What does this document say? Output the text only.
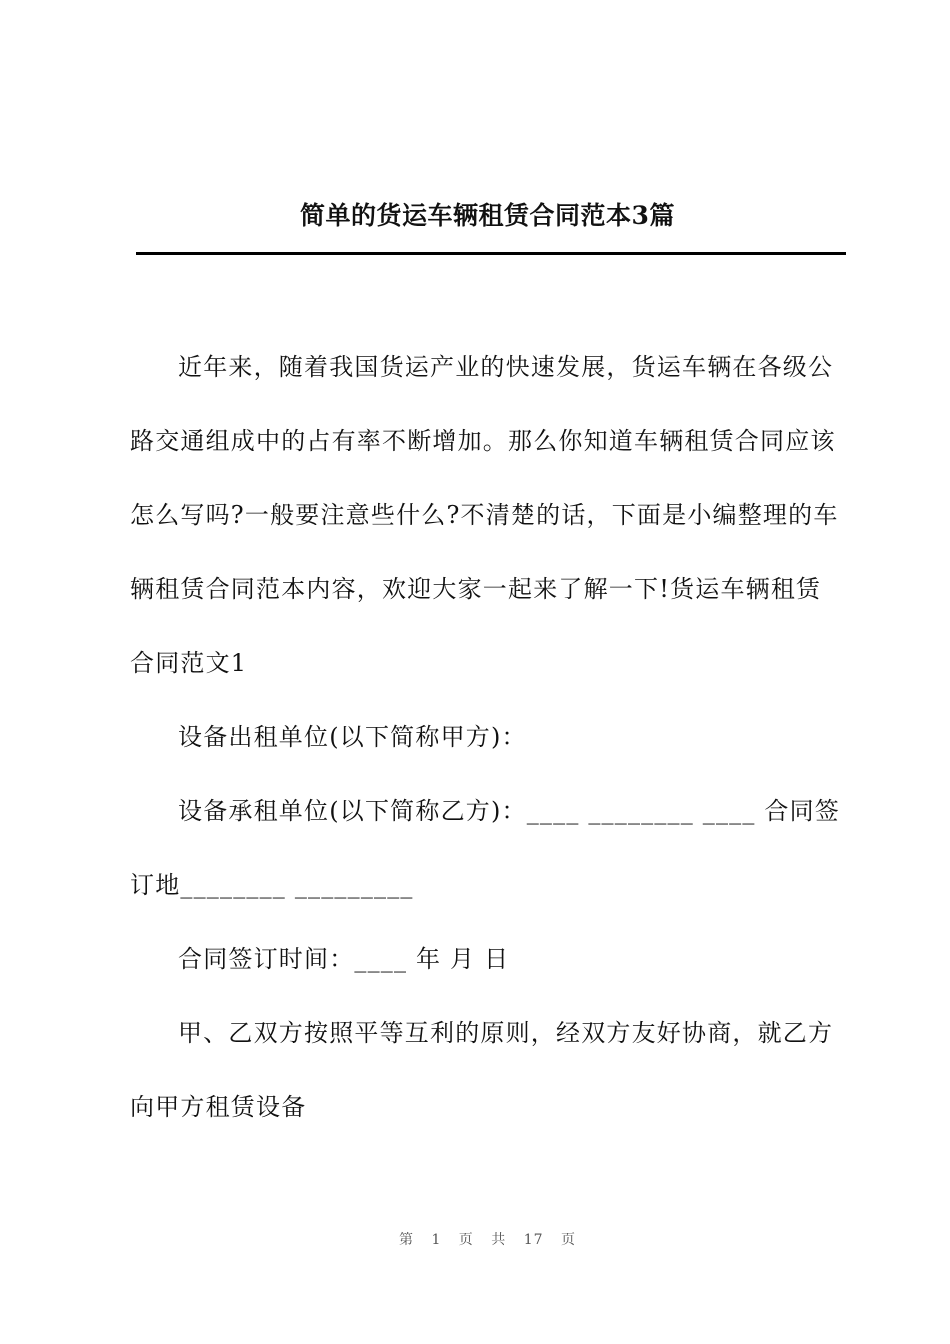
简单的货运车辆租赁合同范本3篇

近年来，随着我国货运产业的快速发展，货运车辆在各级公路交通组成中的占有率不断增加。那么你知道车辆租赁合同应该怎么写吗?一般要注意些什么?不清楚的话，下面是小编整理的车辆租赁合同范本内容，欢迎大家一起来了解一下!货运车辆租赁合同范文1

设备出租单位(以下简称甲方)：

设备承租单位(以下简称乙方)：____ ________ ____ 合同签订地________ _________

合同签订时间：____ 年 月 日

甲、乙双方按照平等互利的原则，经双方友好协商，就乙方向甲方租赁设备

第 1 页 共 17 页
